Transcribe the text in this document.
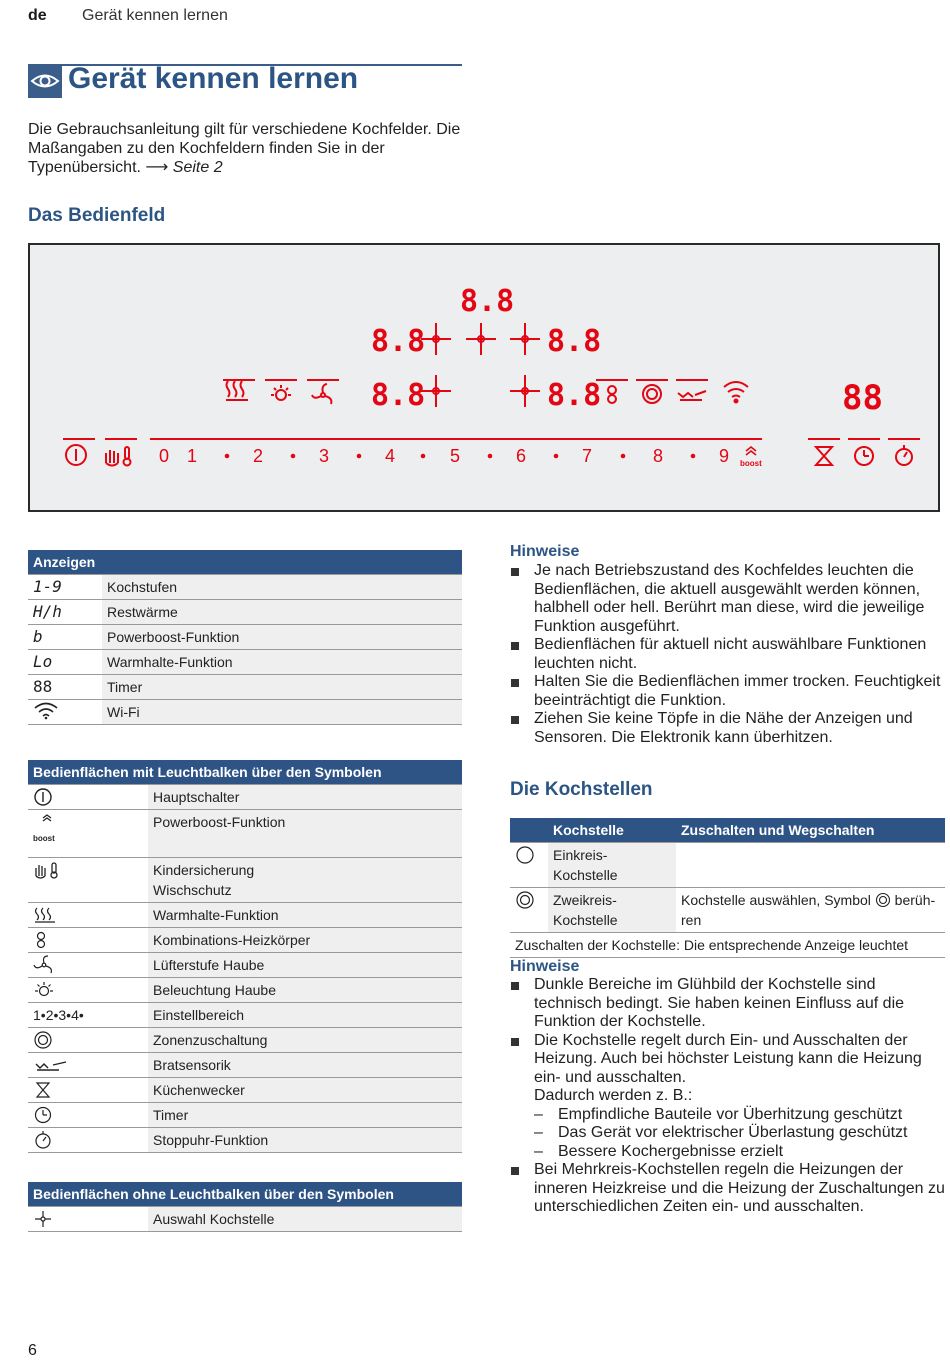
de Gerät kennen lernen
Gerät kennen lernen
Die Gebrauchsanleitung gilt für verschiedene Kochfelder. Die Maßangaben zu den Kochfeldern finden Sie in der Typenübersicht. ⟶ Seite 2
Das Bedienfeld
8.8
8.8	8.8
8.8	8.8	88
0 1	2	3	4	5	6	7	8	9 boost
Anzeigen	
1-9	Kochstufen
H/h	Restwärme
b	Powerboost-Funktion
Lo	Warmhalte-Funktion
88	Timer

	Wi-Fi
Bedienflächen mit Leuchtbalken über den Symbolen	

	Hauptschalter

$^{boost}$	Powerboost-Funktion

Kindersicherung
Wischschutz

	Warmhalte-Funktion

	Kombinations-Heizkörper

	Lüfterstufe Haube

	Beleuchtung Haube
1•2•3•4•	Einstellbereich

	Zonenzuschaltung

	Bratsensorik

	Küchenwecker

	Timer

	Stoppuhr-Funktion
Bedienflächen ohne Leuchtbalken über den Symbolen

	Auswahl Kochstelle
Hinweise
Je nach Betriebszustand des Kochfeldes leuchten die Bedienflächen, die aktuell ausgewählt werden können, halbhell oder hell. Berührt man diese, wird die jeweilige Funktion ausgeführt.
Bedienflächen für aktuell nicht auswählbare Funktionen leuchten nicht.
Halten Sie die Bedienflächen immer trocken. Feuchtigkeit beeinträchtigt die Funktion.
Ziehen Sie keine Töpfe in die Nähe der Anzeigen und Sensoren. Die Elektronik kann überhitzen.
Die Kochstellen
	Kochstelle	Zuschalten und Wegschalten

	Einkreis-Kochstelle	

	Zweikreis-Kochstelle	Kochstelle auswählen, Symbol berüh-
ren
Zuschalten der Kochstelle: Die entsprechende Anzeige leuchtet		
Hinweise
Dunkle Bereiche im Glühbild der Kochstelle sind technisch bedingt. Sie haben keinen Einfluss auf die Funktion der Kochstelle.
Die Kochstelle regelt durch Ein- und Ausschalten der Heizung. Auch bei höchster Leistung kann die Heizung ein- und ausschalten.
Dadurch werden z. B.:
– Empfindliche Bauteile vor Überhitzung geschützt
– Das Gerät vor elektrischer Überlastung geschützt
– Bessere Kochergebnisse erzielt
Bei Mehrkreis-Kochstellen regeln die Heizungen der inneren Heizkreise und die Heizung der Zuschaltungen zu unterschiedlichen Zeiten ein- und ausschalten.
6
